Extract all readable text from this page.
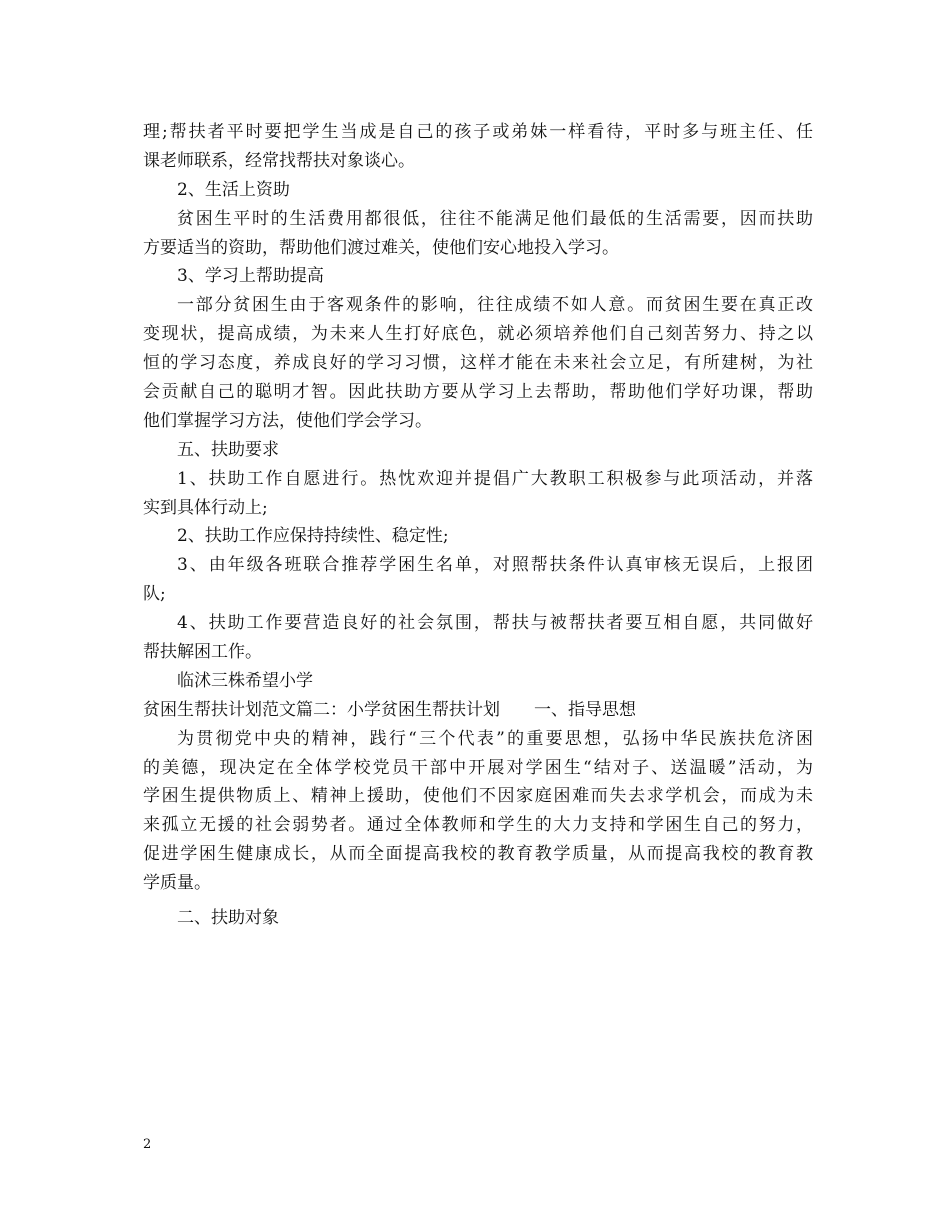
理;帮扶者平时要把学生当成是自己的孩子或弟妹一样看待，平时多与班主任、任

课老师联系，经常找帮扶对象谈心。

2、生活上资助

贫困生平时的生活费用都很低，往往不能满足他们最低的生活需要，因而扶助

方要适当的资助，帮助他们渡过难关，使他们安心地投入学习。

3、学习上帮助提高

一部分贫困生由于客观条件的影响，往往成绩不如人意。而贫困生要在真正改

变现状，提高成绩，为未来人生打好底色，就必须培养他们自己刻苦努力、持之以

恒的学习态度，养成良好的学习习惯，这样才能在未来社会立足，有所建树，为社

会贡献自己的聪明才智。因此扶助方要从学习上去帮助，帮助他们学好功课，帮助

他们掌握学习方法，使他们学会学习。

五、扶助要求

1、扶助工作自愿进行。热忱欢迎并提倡广大教职工积极参与此项活动，并落

实到具体行动上;

2、扶助工作应保持持续性、稳定性;

3、由年级各班联合推荐学困生名单，对照帮扶条件认真审核无误后，上报团

队;

4、扶助工作要营造良好的社会氛围，帮扶与被帮扶者要互相自愿，共同做好

帮扶解困工作。

临沭三株希望小学

贫困生帮扶计划范文篇二：小学贫困生帮扶计划　　一、指导思想

为贯彻党中央的精神，践行“三个代表”的重要思想，弘扬中华民族扶危济困

的美德，现决定在全体学校党员干部中开展对学困生“结对子、送温暖”活动，为

学困生提供物质上、精神上援助，使他们不因家庭困难而失去求学机会，而成为未

来孤立无援的社会弱势者。通过全体教师和学生的大力支持和学困生自己的努力，

促进学困生健康成长，从而全面提高我校的教育教学质量，从而提高我校的教育教

学质量。

二、扶助对象

2
